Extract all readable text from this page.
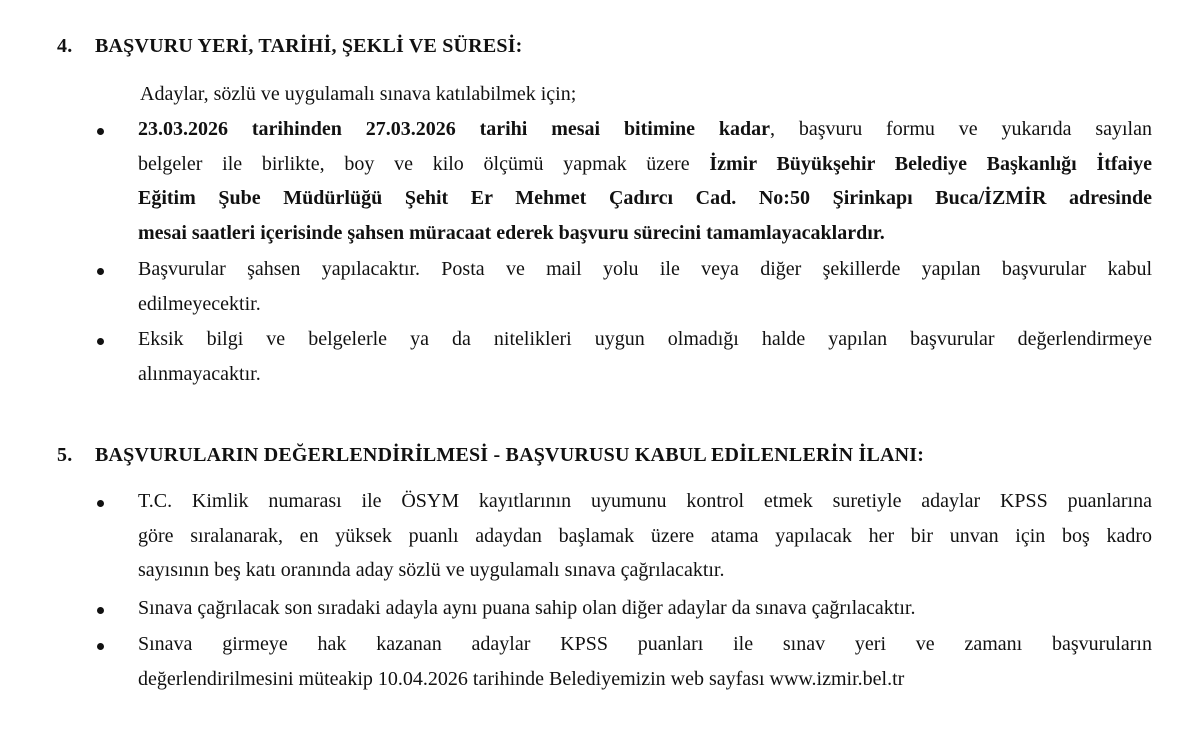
4. BAŞVURU YERİ, TARİHİ, ŞEKLİ VE SÜRESİ:
Adaylar, sözlü ve uygulamalı sınava katılabilmek için;
23.03.2026 tarihinden 27.03.2026 tarihi mesai bitimine kadar, başvuru formu ve yukarıda sayılan
belgeler ile birlikte, boy ve kilo ölçümü yapmak üzere İzmir Büyükşehir Belediye Başkanlığı İtfaiye
Eğitim Şube Müdürlüğü Şehit Er Mehmet Çadırcı Cad. No:50 Şirinkapı Buca/İZMİR adresinde
mesai saatleri içerisinde şahsen müracaat ederek başvuru sürecini tamamlayacaklardır.
Başvurular şahsen yapılacaktır. Posta ve mail yolu ile veya diğer şekillerde yapılan başvurular kabul
edilmeyecektir.
Eksik bilgi ve belgelerle ya da nitelikleri uygun olmadığı halde yapılan başvurular değerlendirmeye
alınmayacaktır.
5. BAŞVURULARIN DEĞERLENDİRİLMESİ - BAŞVURUSU KABUL EDİLENLERİN İLANI:
T.C. Kimlik numarası ile ÖSYM kayıtlarının uyumunu kontrol etmek suretiyle adaylar KPSS puanlarına
göre sıralanarak, en yüksek puanlı adaydan başlamak üzere atama yapılacak her bir unvan için boş kadro
sayısının beş katı oranında aday sözlü ve uygulamalı sınava çağrılacaktır.
Sınava çağrılacak son sıradaki adayla aynı puana sahip olan diğer adaylar da sınava çağrılacaktır.
Sınava girmeye hak kazanan adaylar KPSS puanları ile sınav yeri ve zamanı başvuruların
değerlendirilmesini müteakip 10.04.2026 tarihinde Belediyemizin web sayfası www.izmir.bel.tr
